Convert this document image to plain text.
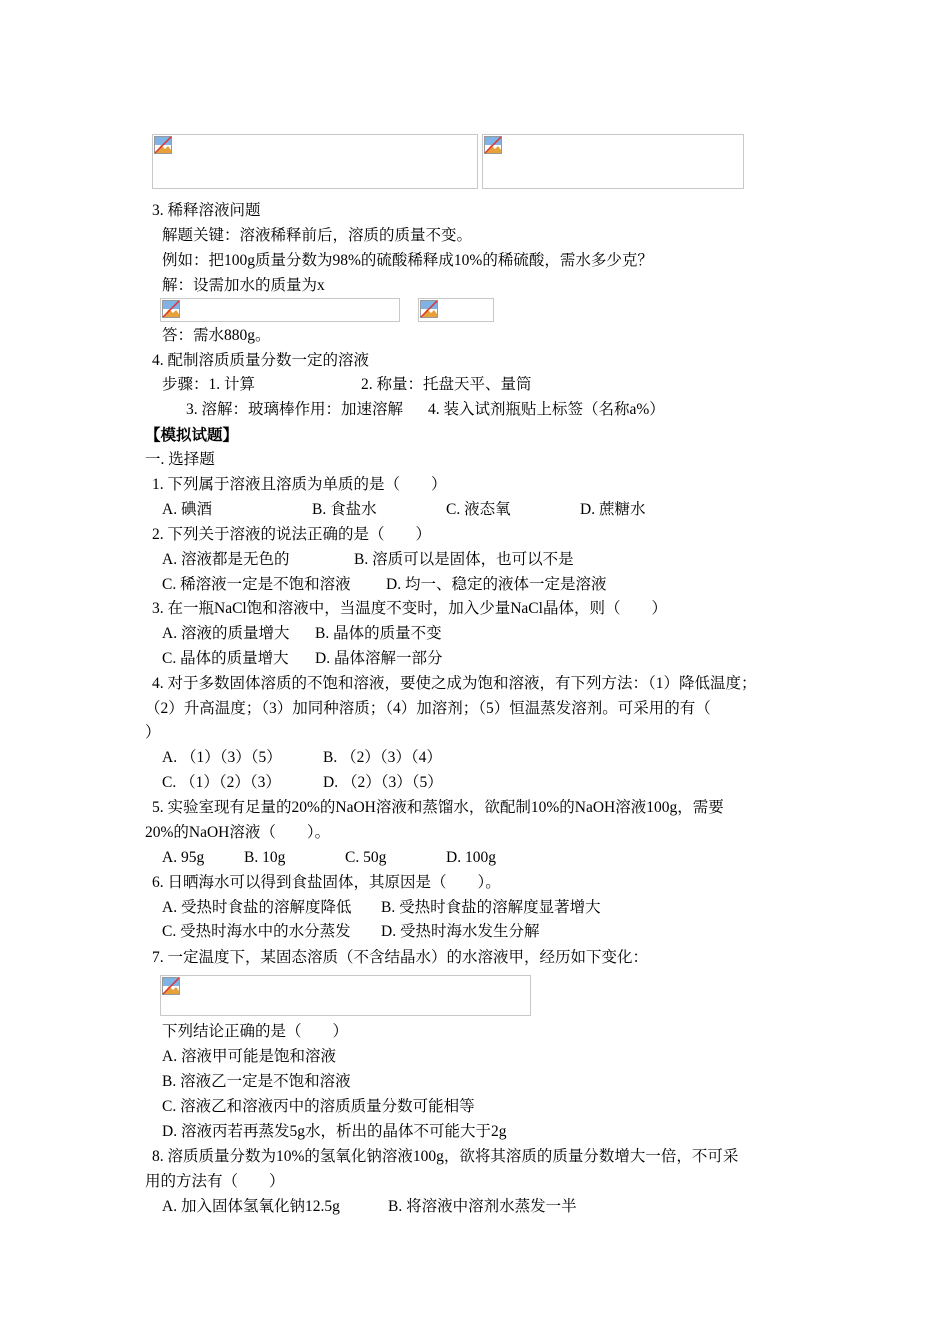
3. 稀释溶液问题
解题关键：溶液稀释前后，溶质的质量不变。
例如：把100g质量分数为98%的硫酸稀释成10%的稀硫酸，需水多少克？
解：设需加水的质量为x
答：需水880g。
4. 配制溶质质量分数一定的溶液
步骤：1. 计算	2. 称量：托盘天平、量筒
3. 溶解：玻璃棒作用：加速溶解 4. 装入试剂瓶贴上标签（名称a%）
【模拟试题】
一. 选择题
1. 下列属于溶液且溶质为单质的是（　　）
A. 碘酒	B. 食盐水	C. 液态氧	D. 蔗糖水
2. 下列关于溶液的说法正确的是（　　）
A. 溶液都是无色的	B. 溶质可以是固体，也可以不是
C. 稀溶液一定是不饱和溶液 D. 均一、稳定的液体一定是溶液
3. 在一瓶NaCl饱和溶液中，当温度不变时，加入少量NaCl晶体，则（　　）
A. 溶液的质量增大 B. 晶体的质量不变
C. 晶体的质量增大 D. 晶体溶解一部分
4. 对于多数固体溶质的不饱和溶液，要使之成为饱和溶液，有下列方法：（1）降低温度；
（2）升高温度；（3）加同种溶质；（4）加溶剂；（5）恒温蒸发溶剂。可采用的有（
）
A. （1）（3）（5）	B. （2）（3）（4）
C. （1）（2）（3）	D. （2）（3）（5）
5. 实验室现有足量的20%的NaOH溶液和蒸馏水，欲配制10%的NaOH溶液100g，需要
20%的NaOH溶液（　　）。
A. 95g	B. 10g	C. 50g	D. 100g
6. 日晒海水可以得到食盐固体，其原因是（　　）。
A. 受热时食盐的溶解度降低 B. 受热时食盐的溶解度显著增大
C. 受热时海水中的水分蒸发 D. 受热时海水发生分解
7. 一定温度下，某固态溶质（不含结晶水）的水溶液甲，经历如下变化：
下列结论正确的是（　　）
A. 溶液甲可能是饱和溶液
B. 溶液乙一定是不饱和溶液
C. 溶液乙和溶液丙中的溶质质量分数可能相等
D. 溶液丙若再蒸发5g水，析出的晶体不可能大于2g
8. 溶质质量分数为10%的氢氧化钠溶液100g，欲将其溶质的质量分数增大一倍，不可采
用的方法有（　　）
A. 加入固体氢氧化钠12.5g	B. 将溶液中溶剂水蒸发一半
